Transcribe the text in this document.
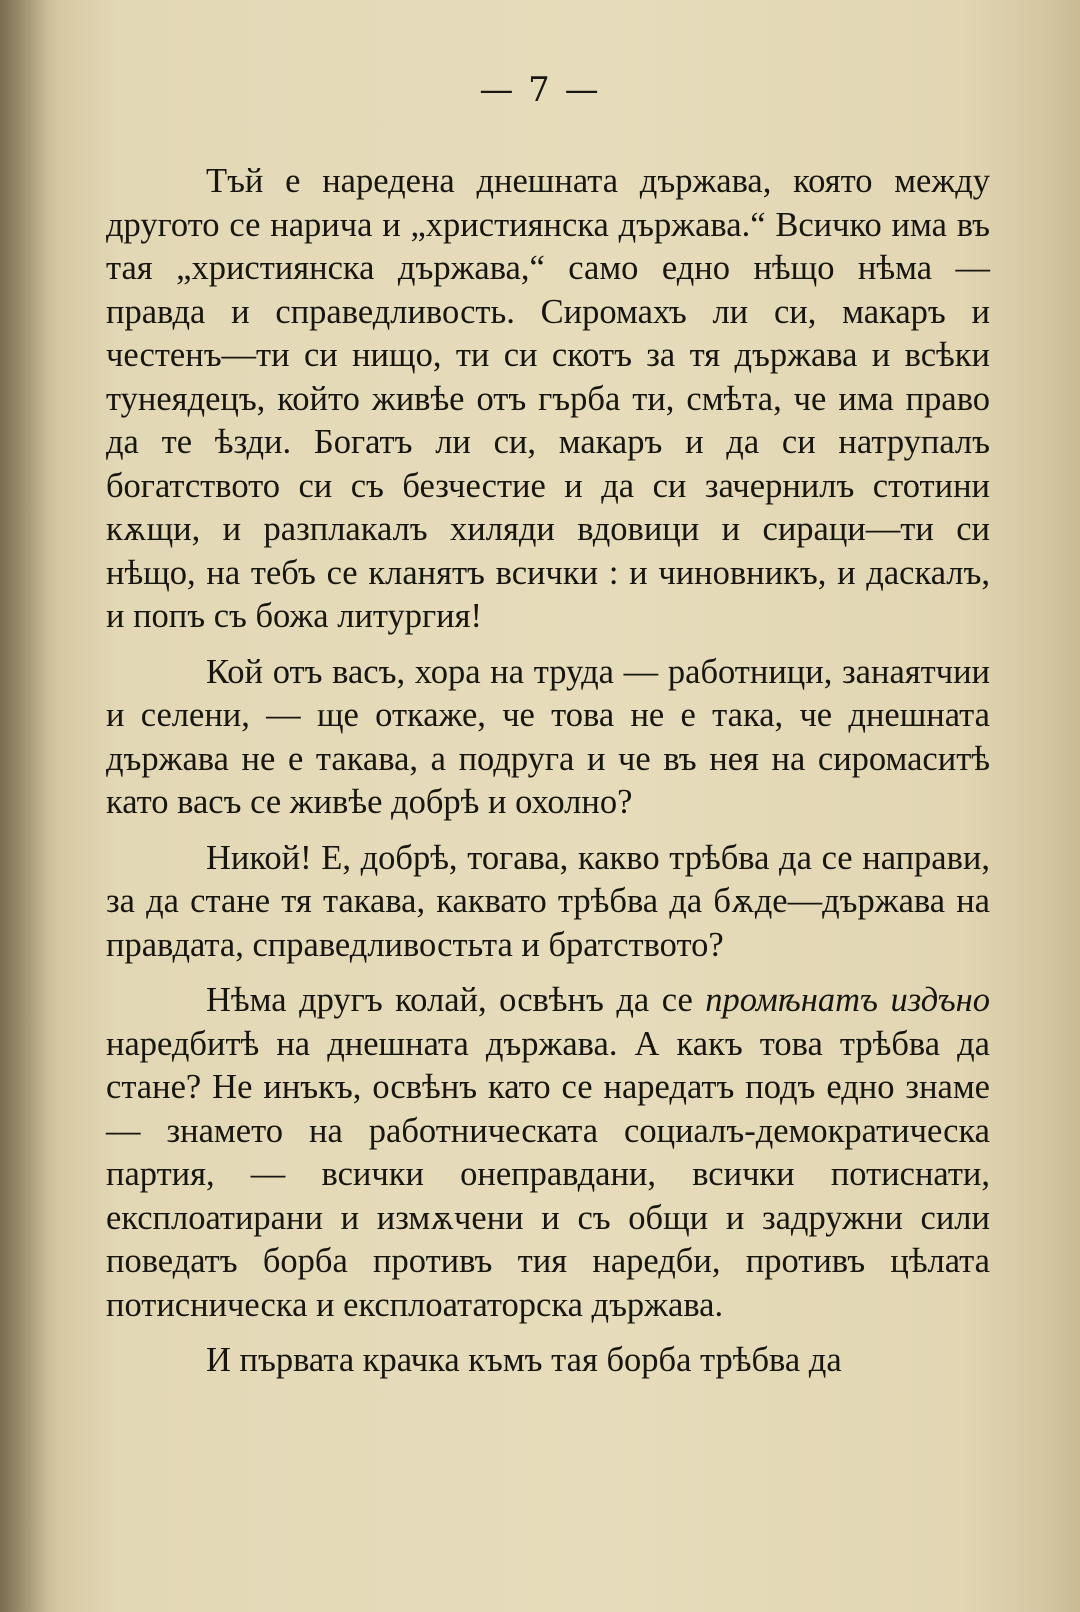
— 7 —

Тъй е наредена днешната държава, която между другото се нарича и „християнска държава.“ Всичко има въ тая „християнска държава,“ само едно нѣщо нѣма — правда и справедливость. Сиромахъ ли си, макаръ и честенъ—ти си нищо, ти си скотъ за тя държава и всѣки тунеядецъ, който живѣе отъ гърба ти, смѣта, че има право да те ѣзди. Богатъ ли си, макаръ и да си натрупалъ богатството си съ безчестие и да си зачернилъ стотини кѫщи, и разплакалъ хиляди вдовици и сираци—ти си нѣщо, на тебъ се кланятъ всички : и чиновникъ, и даскалъ, и попъ съ божа литургия!

Кой отъ васъ, хора на труда — работници, занаятчии и селени, — ще откаже, че това не е така, че днешната държава не е такава, а подруга и че въ нея на сиромаситѣ като васъ се живѣе добрѣ и охолно?

Никой! Е, добрѣ, тогава, какво трѣбва да се направи, за да стане тя такава, каквато трѣбва да бѫде—държава на правдата, справедливостьта и братството?

Нѣма другъ колай, освѣнъ да се промѣнатъ издъно наредбитѣ на днешната държава. А какъ това трѣбва да стане? Не инъкъ, освѣнъ като се наредатъ подъ едно знаме — знамето на работническата социалъ-демократическа партия, — всички онеправдани, всички потиснати, експлоатирани и измѫчени и съ общи и задружни сили поведатъ борба противъ тия наредби, противъ цѣлата потисническа и експлоататорска държава.

И първата крачка къмъ тая борба трѣбва да
